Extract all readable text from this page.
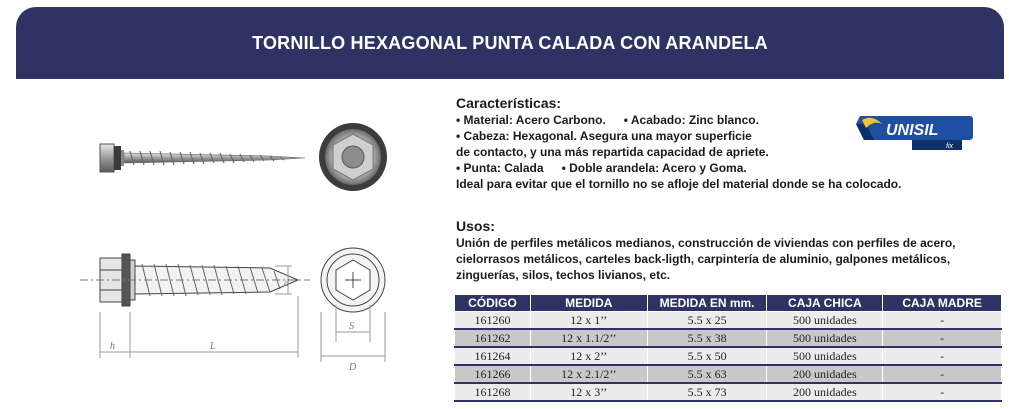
TORNILLO HEXAGONAL PUNTA CALADA CON ARANDELA
d
h	L
S
D
Características:
• Material: Acero Carbono. • Acabado: Zinc blanco.
• Cabeza: Hexagonal. Asegura una mayor superficie
de contacto, y una más repartida capacidad de apriete.
• Punta: Calada • Doble arandela: Acero y Goma.
Ideal para evitar que el tornillo no se afloje del material donde se ha colocado.
UNISIL
fix
Usos:
Unión de perfiles metálicos medianos, construcción de viviendas con perfiles de acero,
cielorrasos metálicos, carteles back-ligth, carpintería de aluminio, galpones metálicos,
zinguerías, silos, techos livianos, etc.
CÓDIGO	MEDIDA	MEDIDA EN mm.	CAJA CHICA	CAJA MADRE
161260	12 x 1’’	5.5 x 25	500 unidades	-
161262	12 x 1.1/2’’	5.5 x 38	500 unidades	-
161264	12 x 2’’	5.5 x 50	500 unidades	-
161266	12 x 2.1/2’’	5.5 x 63	200 unidades	-
161268	12 x 3’’	5.5 x 73	200 unidades	-
